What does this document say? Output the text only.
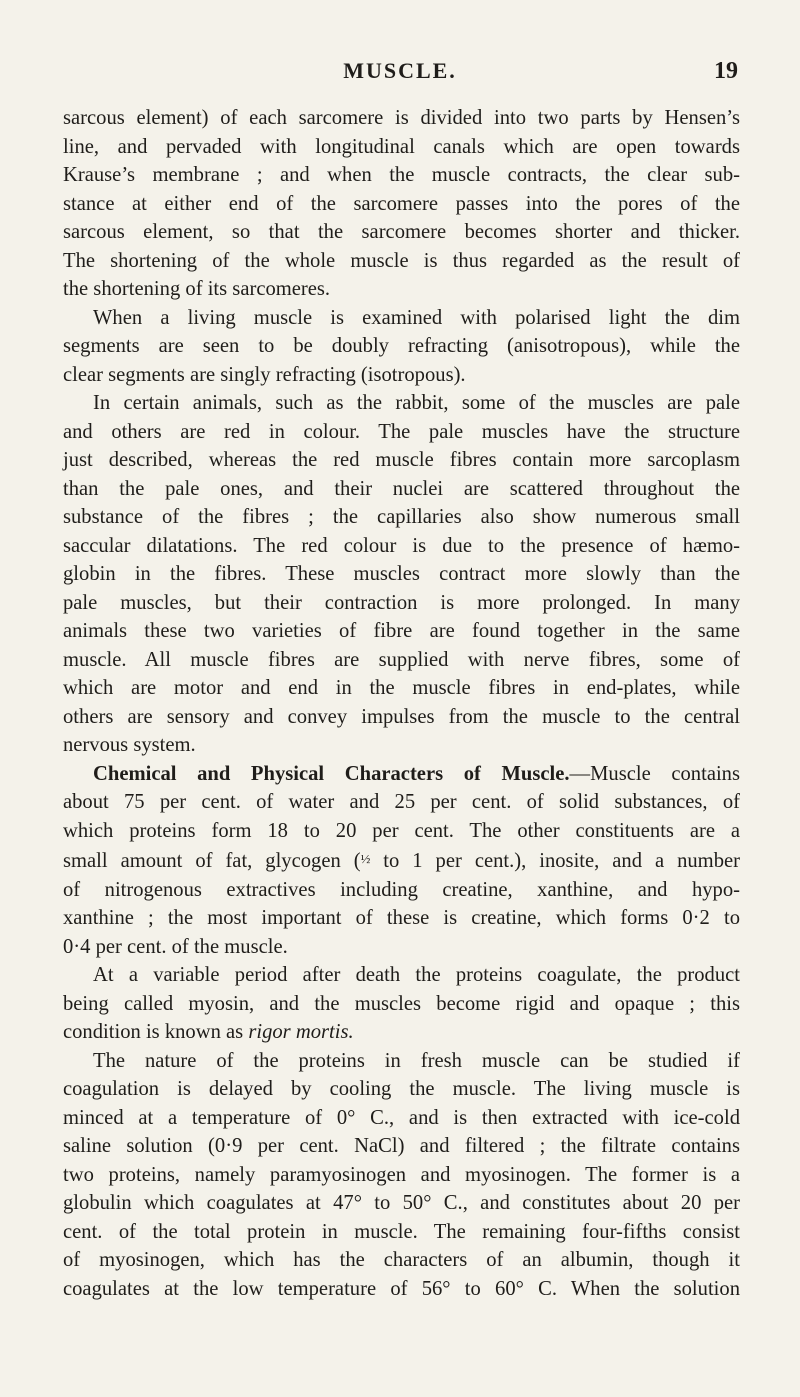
MUSCLE.	19
sarcous element) of each sarcomere is divided into two parts by Hensen’s
line, and pervaded with longitudinal canals which are open towards
Krause’s membrane ; and when the muscle contracts, the clear sub-
stance at either end of the sarcomere passes into the pores of the
sarcous element, so that the sarcomere becomes shorter and thicker.
The shortening of the whole muscle is thus regarded as the result of
the shortening of its sarcomeres.
When a living muscle is examined with polarised light the dim
segments are seen to be doubly refracting (anisotropous), while the
clear segments are singly refracting (isotropous).
In certain animals, such as the rabbit, some of the muscles are pale
and others are red in colour. The pale muscles have the structure
just described, whereas the red muscle fibres contain more sarcoplasm
than the pale ones, and their nuclei are scattered throughout the
substance of the fibres ; the capillaries also show numerous small
saccular dilatations. The red colour is due to the presence of hæmo-
globin in the fibres. These muscles contract more slowly than the
pale muscles, but their contraction is more prolonged. In many
animals these two varieties of fibre are found together in the same
muscle. All muscle fibres are supplied with nerve fibres, some of
which are motor and end in the muscle fibres in end-plates, while
others are sensory and convey impulses from the muscle to the central
nervous system.
Chemical and Physical Characters of Muscle.—Muscle contains
about 75 per cent. of water and 25 per cent. of solid substances, of
which proteins form 18 to 20 per cent. The other constituents are a
small amount of fat, glycogen (½ to 1 per cent.), inosite, and a number
of nitrogenous extractives including creatine, xanthine, and hypo-
xanthine ; the most important of these is creatine, which forms 0·2 to
0·4 per cent. of the muscle.
At a variable period after death the proteins coagulate, the product
being called myosin, and the muscles become rigid and opaque ; this
condition is known as rigor mortis.
The nature of the proteins in fresh muscle can be studied if
coagulation is delayed by cooling the muscle. The living muscle is
minced at a temperature of 0° C., and is then extracted with ice-cold
saline solution (0·9 per cent. NaCl) and filtered ; the filtrate contains
two proteins, namely paramyosinogen and myosinogen. The former is a
globulin which coagulates at 47° to 50° C., and constitutes about 20 per
cent. of the total protein in muscle. The remaining four-fifths consist
of myosinogen, which has the characters of an albumin, though it
coagulates at the low temperature of 56° to 60° C. When the solution
